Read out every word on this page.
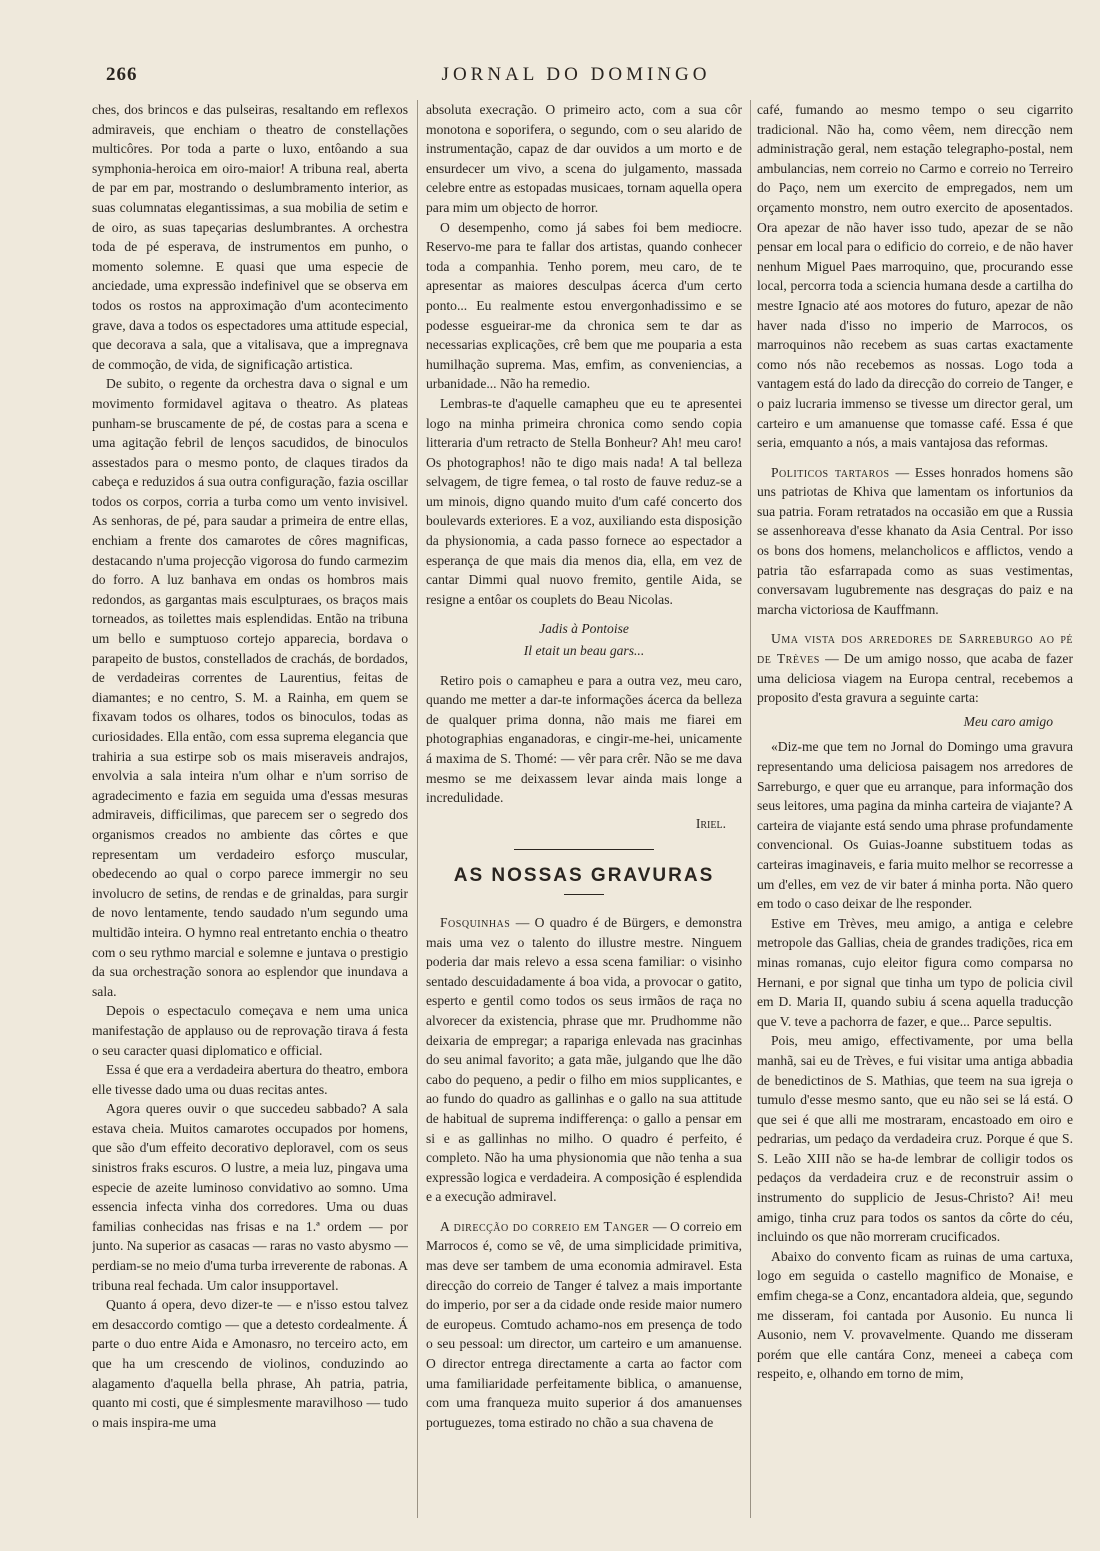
266	JORNAL DO DOMINGO

ches, dos brincos e das pulseiras, resaltando em reflexos admiraveis, que enchiam o theatro de constellações multicôres. Por toda a parte o luxo, entôando a sua symphonia-heroica em oiro-maior! A tribuna real, aberta de par em par, mostrando o deslumbramento interior, as suas columnatas elegantissimas, a sua mobilia de setim e de oiro, as suas tapeçarias deslumbrantes. A orchestra toda de pé esperava, de instrumentos em punho, o momento solemne. E quasi que uma especie de anciedade, uma expressão indefinivel que se observa em todos os rostos na approximação d'um acontecimento grave, dava a todos os espectadores uma attitude especial, que decorava a sala, que a vitalisava, que a impregnava de commoção, de vida, de significação artistica.

De subito, o regente da orchestra dava o signal e um movimento formidavel agitava o theatro. As plateas punham-se bruscamente de pé, de costas para a scena e uma agitação febril de lenços sacudidos, de binoculos assestados para o mesmo ponto, de claques tirados da cabeça e reduzidos á sua outra configuração, fazia oscillar todos os corpos, corria a turba como um vento invisivel. As senhoras, de pé, para saudar a primeira de entre ellas, enchiam a frente dos camarotes de côres magnificas, destacando n'uma projecção vigorosa do fundo carmezim do forro. A luz banhava em ondas os hombros mais redondos, as gargantas mais esculpturaes, os braços mais torneados, as toilettes mais esplendidas. Então na tribuna um bello e sumptuoso cortejo apparecia, bordava o parapeito de bustos, constellados de crachás, de bordados, de verdadeiras correntes de Laurentius, feitas de diamantes; e no centro, S. M. a Rainha, em quem se fixavam todos os olhares, todos os binoculos, todas as curiosidades. Ella então, com essa suprema elegancia que trahiria a sua estirpe sob os mais miseraveis andrajos, envolvia a sala inteira n'um olhar e n'um sorriso de agradecimento e fazia em seguida uma d'essas mesuras admiraveis, difficilimas, que parecem ser o segredo dos organismos creados no ambiente das côrtes e que representam um verdadeiro esforço muscular, obedecendo ao qual o corpo parece immergir no seu involucro de setins, de rendas e de grinaldas, para surgir de novo lentamente, tendo saudado n'um segundo uma multidão inteira. O hymno real entretanto enchia o theatro com o seu rythmo marcial e solemne e juntava o prestigio da sua orchestração sonora ao esplendor que inundava a sala.

Depois o espectaculo começava e nem uma unica manifestação de applauso ou de reprovação tirava á festa o seu caracter quasi diplomatico e official.

Essa é que era a verdadeira abertura do theatro, embora elle tivesse dado uma ou duas recitas antes.

Agora queres ouvir o que succedeu sabbado? A sala estava cheia. Muitos camarotes occupados por homens, que são d'um effeito decorativo deploravel, com os seus sinistros fraks escuros. O lustre, a meia luz, pingava uma especie de azeite luminoso convidativo ao somno. Uma essencia infecta vinha dos corredores. Uma ou duas familias conhecidas nas frisas e na 1.ª ordem — por junto. Na superior as casacas — raras no vasto abysmo — perdiam-se no meio d'uma turba irreverente de rabonas. A tribuna real fechada. Um calor insupportavel.

Quanto á opera, devo dizer-te — e n'isso estou talvez em desaccordo comtigo — que a detesto cordealmente. Á parte o duo entre Aida e Amonasro, no terceiro acto, em que ha um crescendo de violinos, conduzindo ao alagamento d'aquella bella phrase, Ah patria, patria, quanto mi costi, que é simplesmente maravilhoso — tudo o mais inspira-me uma

absoluta execração. O primeiro acto, com a sua côr monotona e soporifera, o segundo, com o seu alarido de instrumentação, capaz de dar ouvidos a um morto e de ensurdecer um vivo, a scena do julgamento, massada celebre entre as estopadas musicaes, tornam aquella opera para mim um objecto de horror.

O desempenho, como já sabes foi bem mediocre. Reservo-me para te fallar dos artistas, quando conhecer toda a companhia. Tenho porem, meu caro, de te apresentar as maiores desculpas ácerca d'um certo ponto... Eu realmente estou envergonhadissimo e se podesse esgueirar-me da chronica sem te dar as necessarias explicações, crê bem que me pouparia a esta humilhação suprema. Mas, emfim, as conveniencias, a urbanidade... Não ha remedio.

Lembras-te d'aquelle camapheu que eu te apresentei logo na minha primeira chronica como sendo copia litteraria d'um retracto de Stella Bonheur? Ah! meu caro! Os photographos! não te digo mais nada! A tal belleza selvagem, de tigre femea, o tal rosto de fauve reduz-se a um minois, digno quando muito d'um café concerto dos boulevards exteriores. E a voz, auxiliando esta disposição da physionomia, a cada passo fornece ao espectador a esperança de que mais dia menos dia, ella, em vez de cantar Dimmi qual nuovo fremito, gentile Aida, se resigne a entôar os couplets do Beau Nicolas.

Jadis à Pontoise
Il etait un beau gars...

Retiro pois o camapheu e para a outra vez, meu caro, quando me metter a dar-te informações ácerca da belleza de qualquer prima donna, não mais me fiarei em photographias enganadoras, e cingir-me-hei, unicamente á maxima de S. Thomé: — vêr para crêr. Não se me dava mesmo se me deixassem levar ainda mais longe a incredulidade.

Iriel.
AS NOSSAS GRAVURAS

Fosquinhas — O quadro é de Bürgers, e demonstra mais uma vez o talento do illustre mestre. Ninguem poderia dar mais relevo a essa scena familiar: o visinho sentado descuidadamente á boa vida, a provocar o gatito, esperto e gentil como todos os seus irmãos de raça no alvorecer da existencia, phrase que mr. Prudhomme não deixaria de empregar; a rapariga enlevada nas gracinhas do seu animal favorito; a gata mãe, julgando que lhe dão cabo do pequeno, a pedir o filho em mios supplicantes, e ao fundo do quadro as gallinhas e o gallo na sua attitude de habitual de suprema indifferença: o gallo a pensar em si e as gallinhas no milho. O quadro é perfeito, é completo. Não ha uma physionomia que não tenha a sua expressão logica e verdadeira. A composição é esplendida e a execução admiravel.

A direcção do correio em Tanger — O correio em Marrocos é, como se vê, de uma simplicidade primitiva, mas deve ser tambem de uma economia admiravel. Esta direcção do correio de Tanger é talvez a mais importante do imperio, por ser a da cidade onde reside maior numero de europeus. Comtudo achamo-nos em presença de todo o seu pessoal: um director, um carteiro e um amanuense. O director entrega directamente a carta ao factor com uma familiaridade perfeitamente biblica, o amanuense, com uma franqueza muito superior á dos amanuenses portuguezes, toma estirado no chão a sua chavena de

café, fumando ao mesmo tempo o seu cigarrito tradicional. Não ha, como vêem, nem direcção nem administração geral, nem estação telegrapho-postal, nem ambulancias, nem correio no Carmo e correio no Terreiro do Paço, nem um exercito de empregados, nem um orçamento monstro, nem outro exercito de aposentados. Ora apezar de não haver isso tudo, apezar de se não pensar em local para o edificio do correio, e de não haver nenhum Miguel Paes marroquino, que, procurando esse local, percorra toda a sciencia humana desde a cartilha do mestre Ignacio até aos motores do futuro, apezar de não haver nada d'isso no imperio de Marrocos, os marroquinos não recebem as suas cartas exactamente como nós não recebemos as nossas. Logo toda a vantagem está do lado da direcção do correio de Tanger, e o paiz lucraria immenso se tivesse um director geral, um carteiro e um amanuense que tomasse café. Essa é que seria, emquanto a nós, a mais vantajosa das reformas.

Politicos tartaros — Esses honrados homens são uns patriotas de Khiva que lamentam os infortunios da sua patria. Foram retratados na occasião em que a Russia se assenhoreava d'esse khanato da Asia Central. Por isso os bons dos homens, melancholicos e afflictos, vendo a patria tão esfarrapada como as suas vestimentas, conversavam lugubremente nas desgraças do paiz e na marcha victoriosa de Kauffmann.

Uma vista dos arredores de Sarreburgo ao pé de Trèves — De um amigo nosso, que acaba de fazer uma deliciosa viagem na Europa central, recebemos a proposito d'esta gravura a seguinte carta:

Meu caro amigo

«Diz-me que tem no Jornal do Domingo uma gravura representando uma deliciosa paisagem nos arredores de Sarreburgo, e quer que eu arranque, para informação dos seus leitores, uma pagina da minha carteira de viajante? A carteira de viajante está sendo uma phrase profundamente convencional. Os Guias-Joanne substituem todas as carteiras imaginaveis, e faria muito melhor se recorresse a um d'elles, em vez de vir bater á minha porta. Não quero em todo o caso deixar de lhe responder.

Estive em Trèves, meu amigo, a antiga e celebre metropole das Gallias, cheia de grandes tradições, rica em minas romanas, cujo eleitor figura como comparsa no Hernani, e por signal que tinha um typo de policia civil em D. Maria II, quando subiu á scena aquella traducção que V. teve a pachorra de fazer, e que... Parce sepultis.

Pois, meu amigo, effectivamente, por uma bella manhã, sai eu de Trèves, e fui visitar uma antiga abbadia de benedictinos de S. Mathias, que teem na sua igreja o tumulo d'esse mesmo santo, que eu não sei se lá está. O que sei é que alli me mostraram, encastoado em oiro e pedrarias, um pedaço da verdadeira cruz. Porque é que S. S. Leão XIII não se ha-de lembrar de colligir todos os pedaços da verdadeira cruz e de reconstruir assim o instrumento do supplicio de Jesus-Christo? Ai! meu amigo, tinha cruz para todos os santos da côrte do céu, incluindo os que não morreram crucificados.

Abaixo do convento ficam as ruinas de uma cartuxa, logo em seguida o castello magnifico de Monaise, e emfim chega-se a Conz, encantadora aldeia, que, segundo me disseram, foi cantada por Ausonio. Eu nunca li Ausonio, nem V. provavelmente. Quando me disseram porém que elle cantára Conz, meneei a cabeça com respeito, e, olhando em torno de mim,
